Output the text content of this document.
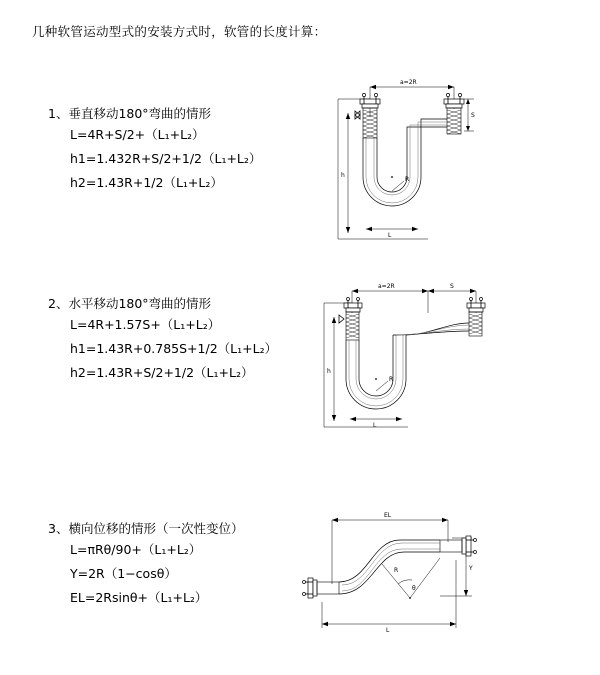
几种软管运动型式的安装方式时，软管的长度计算：
1、垂直移动180°弯曲的情形
L=4R+S/2+（L₁+L₂）
h1=1.432R+S/2+1/2（L₁+L₂）
h2=1.43R+1/2（L₁+L₂）
a=2R
h
S
R
L
2、水平移动180°弯曲的情形
L=4R+1.57S+（L₁+L₂）
h1=1.43R+0.785S+1/2（L₁+L₂）
h2=1.43R+S/2+1/2（L₁+L₂）
a=2R	S
h
R
L
3、横向位移的情形（一次性变位）
L=πRθ/90+（L₁+L₂）
Y=2R（1−cosθ）
EL=2Rsinθ+（L₁+L₂）
EL
Y
R
θ
L
